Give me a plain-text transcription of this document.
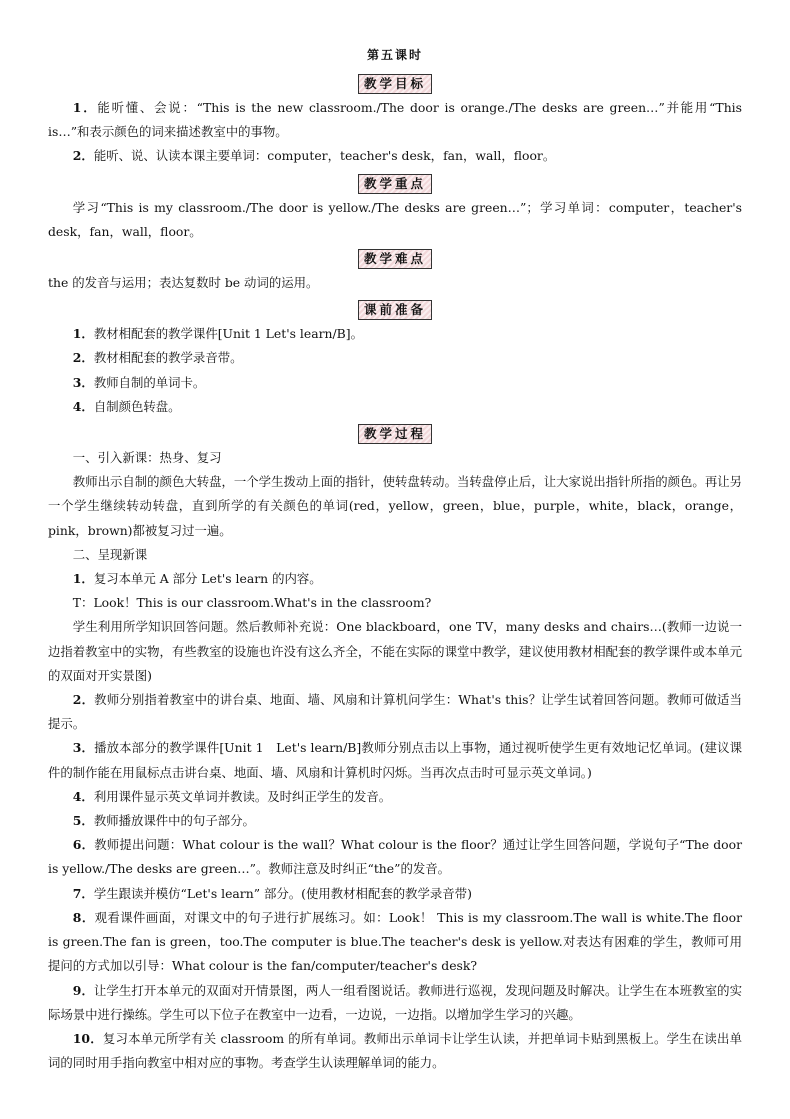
第五课时
教学目标

1．能听懂、会说：“This is the new classroom./The door is orange./The desks are green…”并能用“This is…”和表示颜色的词来描述教室中的事物。

2．能听、说、认读本课主要单词：computer，teacher's desk，fan，wall，floor。

教学重点

学习“This is my classroom./The door is yellow./The desks are green…”；学习单词：computer，teacher's desk，fan，wall，floor。

教学难点

the 的发音与运用；表达复数时 be 动词的运用。

课前准备

1．教材相配套的教学课件[Unit 1 Let's learn/B]。

2．教材相配套的教学录音带。

3．教师自制的单词卡。

4．自制颜色转盘。

教学过程

一、引入新课：热身、复习

教师出示自制的颜色大转盘，一个学生拨动上面的指针，使转盘转动。当转盘停止后，让大家说出指针所指的颜色。再让另一个学生继续转动转盘，直到所学的有关颜色的单词(red，yellow，green，blue，purple，white，black，orange，pink，brown)都被复习过一遍。

二、呈现新课

1．复习本单元 A 部分 Let's learn 的内容。

T：Look！This is our classroom.What's in the classroom?

学生利用所学知识回答问题。然后教师补充说：One blackboard，one TV，many desks and chairs…(教师一边说一边指着教室中的实物，有些教室的设施也许没有这么齐全，不能在实际的课堂中教学，建议使用教材相配套的教学课件或本单元的双面对开实景图)

2．教师分别指着教室中的讲台桌、地面、墙、风扇和计算机问学生：What's this？让学生试着回答问题。教师可做适当提示。

3．播放本部分的教学课件[Unit 1　Let's learn/B]教师分别点击以上事物，通过视听使学生更有效地记忆单词。(建议课件的制作能在用鼠标点击讲台桌、地面、墙、风扇和计算机时闪烁。当再次点击时可显示英文单词。)

4．利用课件显示英文单词并教读。及时纠正学生的发音。

5．教师播放课件中的句子部分。

6．教师提出问题：What colour is the wall？What colour is the floor？通过让学生回答问题，学说句子“The door is yellow./The desks are green…”。教师注意及时纠正“the”的发音。

7．学生跟读并模仿“Let's learn” 部分。(使用教材相配套的教学录音带)

8．观看课件画面，对课文中的句子进行扩展练习。如：Look！ This is my classroom.The wall is white.The floor is green.The fan is green，too.The computer is blue.The teacher's desk is yellow.对表达有困难的学生，教师可用提问的方式加以引导：What colour is the fan/computer/teacher's desk?

9．让学生打开本单元的双面对开情景图，两人一组看图说话。教师进行巡视，发现问题及时解决。让学生在本班教室的实际场景中进行操练。学生可以下位子在教室中一边看，一边说，一边指。以增加学生学习的兴趣。

10．复习本单元所学有关 classroom 的所有单词。教师出示单词卡让学生认读，并把单词卡贴到黑板上。学生在读出单词的同时用手指向教室中相对应的事物。考查学生认读理解单词的能力。
